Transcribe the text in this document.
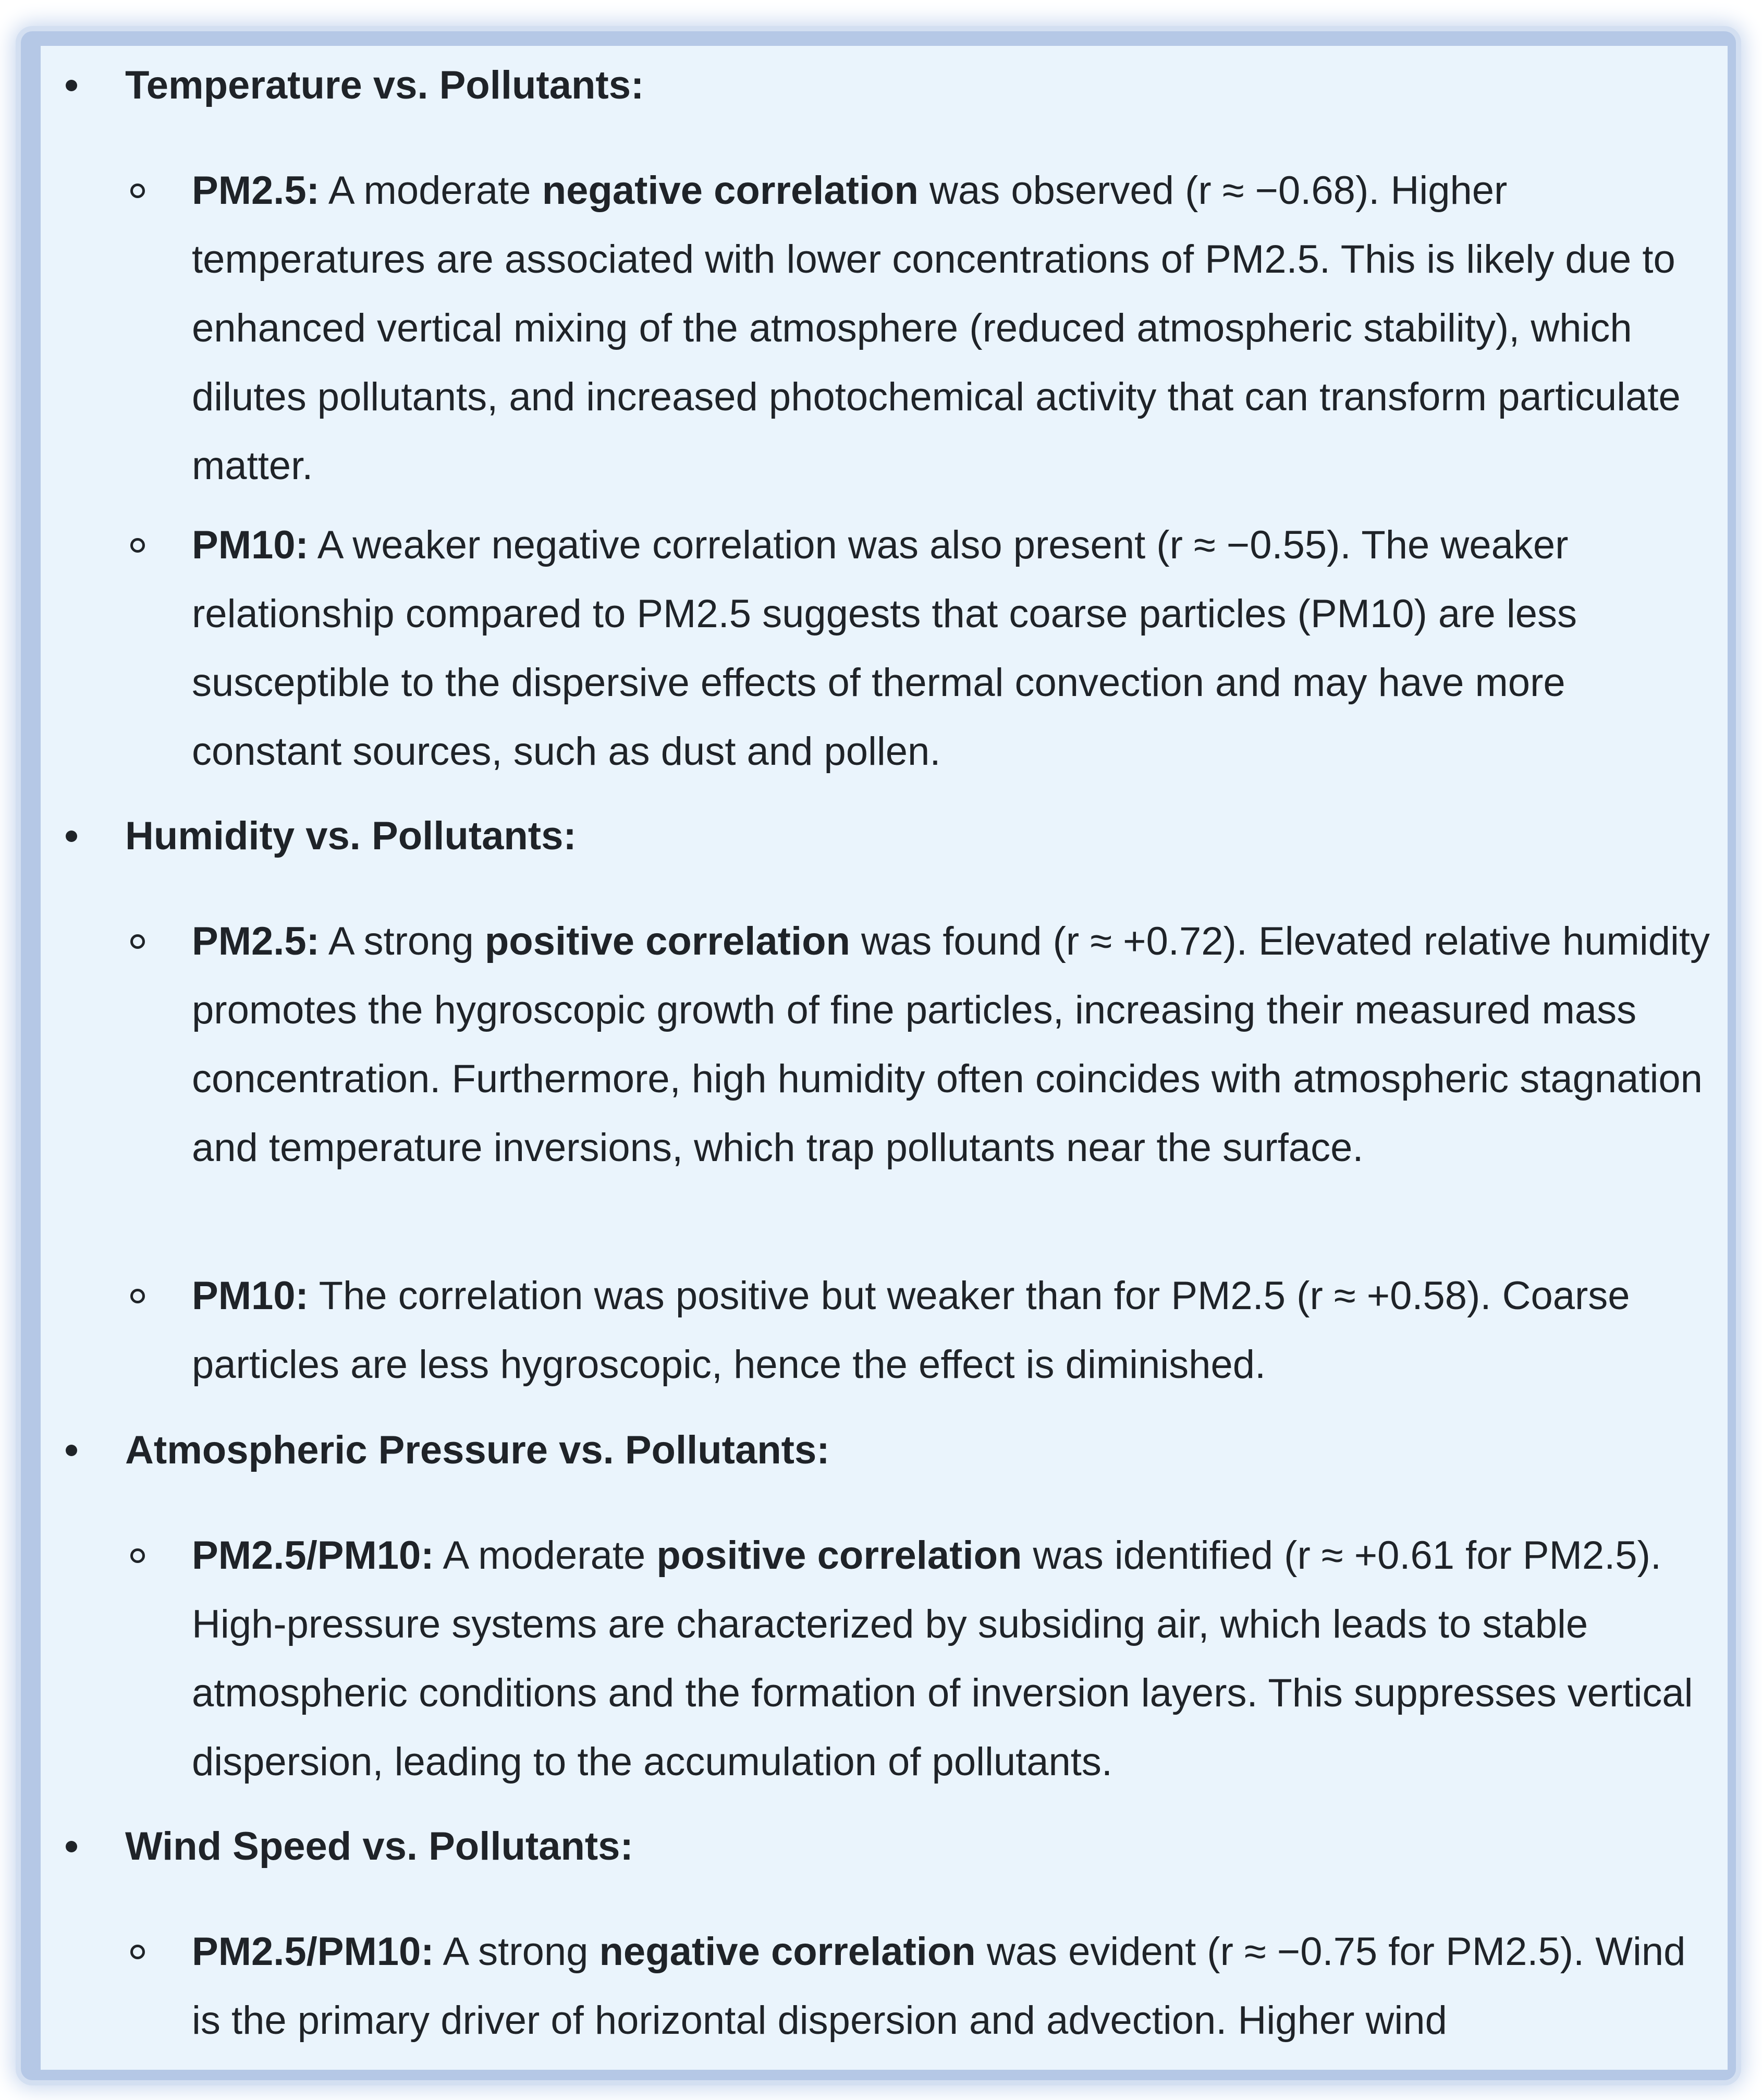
Temperature vs. Pollutants:
PM2.5: A moderate negative correlation was observed (r ≈ −0.68). Higher temperatures are associated with lower concentrations of PM2.5. This is likely due to enhanced vertical mixing of the atmosphere (reduced atmospheric stability), which dilutes pollutants, and increased photochemical activity that can transform particulate matter.
PM10: A weaker negative correlation was also present (r ≈ −0.55). The weaker relationship compared to PM2.5 suggests that coarse particles (PM10) are less susceptible to the dispersive effects of thermal convection and may have more constant sources, such as dust and pollen.
Humidity vs. Pollutants:
PM2.5: A strong positive correlation was found (r ≈ +0.72). Elevated relative humidity promotes the hygroscopic growth of fine particles, increasing their measured mass concentration. Furthermore, high humidity often coincides with atmospheric stagnation and temperature inversions, which trap pollutants near the surface.
PM10: The correlation was positive but weaker than for PM2.5 (r ≈ +0.58). Coarse particles are less hygroscopic, hence the effect is diminished.
Atmospheric Pressure vs. Pollutants:
PM2.5/PM10: A moderate positive correlation was identified (r ≈ +0.61 for PM2.5). High-pressure systems are characterized by subsiding air, which leads to stable atmospheric conditions and the formation of inversion layers. This suppresses vertical dispersion, leading to the accumulation of pollutants.
Wind Speed vs. Pollutants:
PM2.5/PM10: A strong negative correlation was evident (r ≈ −0.75 for PM2.5). Wind is the primary driver of horizontal dispersion and advection. Higher wind
